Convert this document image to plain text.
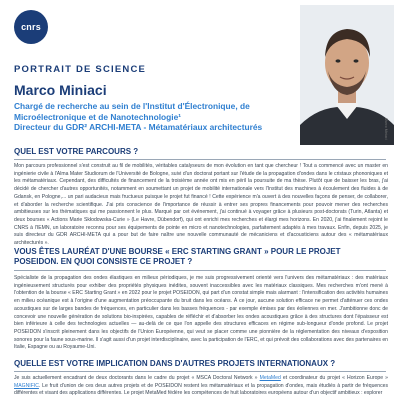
cnrs
PORTRAIT DE SCIENCE
Marco Miniaci
Chargé de recherche au sein de l'Institut d'Électronique, de Microélectronique et de Nanotechnologie¹
Directeur du GDR² ARCHI-META - Métamatériaux architecturés	Marco Miniaci
QUEL EST VOTRE PARCOURS ?
Mon parcours professionnel s'est construit au fil de mobilités, véritables catalyseurs de mon évolution en tant que chercheur ! Tout a commencé avec un master en ingénierie civile à l'Alma Mater Studiorum de l'Université de Bologne, suivi d'un doctorat portant sur l'étude de la propagation d'ondes dans le cristaux phononiques et les métamatériaux. Cependant, des difficultés de financement de la troisième année ont mis en péril la poursuite de ma thèse. Plutôt que de baisser les bras, j'ai décidé de chercher d'autres opportunités, notamment en soumettant un projet de mobilité internationale vers l'Institut des machines à écoulement des fluides à de Gdansk, en Pologne,... un pari audacieux mais fructueux puisque le projet fut financé ! Cette expérience m'a ouvert à des nouvelles façons de penser, de collaborer, et d'aborder la recherche scientifique. J'ai pris conscience de l'importance de réussir à entrer ses propres financements pour pouvoir mener des recherches ambitieuses sur les thématiques qui me passionnent le plus. Marqué par cet événement, j'ai continué à voyager grâce à plusieurs post-doctorats (Turin, Atlanta) et deux bourses « Actions Marie Skłodowska-Curie » (Le Havre, Dübendorf), qui ont enrichi mes recherches et élargi mes horizons. En 2020, j'ai finalement rejoint le CNRS à l'IEMN, un laboratoire reconnu pour ses équipements de pointe en micro et nanotechnologies, parfaitement adaptés à mes travaux. Enfin, depuis 2025, je suis directeur du GDR ARCHI-META qui a pour but de faire naître une nouvelle communauté de mécaniciens et d'acousticiens autour des « métamatériaux architecturés ».
VOUS ÊTES LAURÉAT D'UNE BOURSE « ERC STARTING GRANT » POUR LE PROJET POSEIDON. EN QUOI CONSISTE CE PROJET ?
Spécialiste de la propagation des ondes élastiques en milieux périodiques, je me suis progressivement orienté vers l'univers des métamatériaux : des matériaux ingénieusement structurés pour exhiber des propriétés physiques inédites, souvent inaccessibles avec les matériaux classiques. Mes recherches m'ont mené à l'obtention de la bourse « ERC Starting Grant » en 2022 pour le projet POSEIDON, qui part d'un constat simple mais alarmant : l'intensification des activités humaines en milieu océanique est à l'origine d'une augmentation préoccupante du bruit dans les océans. À ce jour, aucune solution efficace ne permet d'atténuer ces ondes acoustiques sur de larges bandes de fréquences, en particulier dans les basses fréquences - par exemple émises par des éoliennes en mer. J'ambitionne donc de concevoir une nouvelle génération de solutions bio-inspirées, capables de réfléchir et d'absorber les ondes acoustiques grâce à des structures dont l'épaisseur est bien inférieure à celle des technologies actuelles — au-delà de ce que l'on appelle des structures efficaces en régime sub-longueur d'onde profond. Le projet POSEIDON s'inscrit pleinement dans les objectifs de l'Union Européenne, qui veut se placer comme une pionnière de la réglementation des niveaux d'exposition sonores pour la faune sous-marine. Il s'agit aussi d'un projet interdisciplinaire, avec la participation de l'ERC, et qui prévoit des collaborations avec des partenaires en Italie, Espagne ou au Royaume-Uni.
QUELLE EST VOTRE IMPLICATION DANS D'AUTRES PROJETS INTERNATIONAUX ?
Je suis actuellement encadrant de deux doctorants dans le cadre du projet « MSCA Doctoral Network » MetaMed et coordinateur du projet « Horizon Europe » MAGNIFIC. Le fruit d'union de ces deux autres projets et de POSEIDON restent les métamatériaux et la propagation d'ondes, mais étudiés à partir de fréquences différentes et visant des applications différentes. Le projet MetaMed fédère les compétences de huit laboratoires européens autour d'un objectif ambitieux : explorer
